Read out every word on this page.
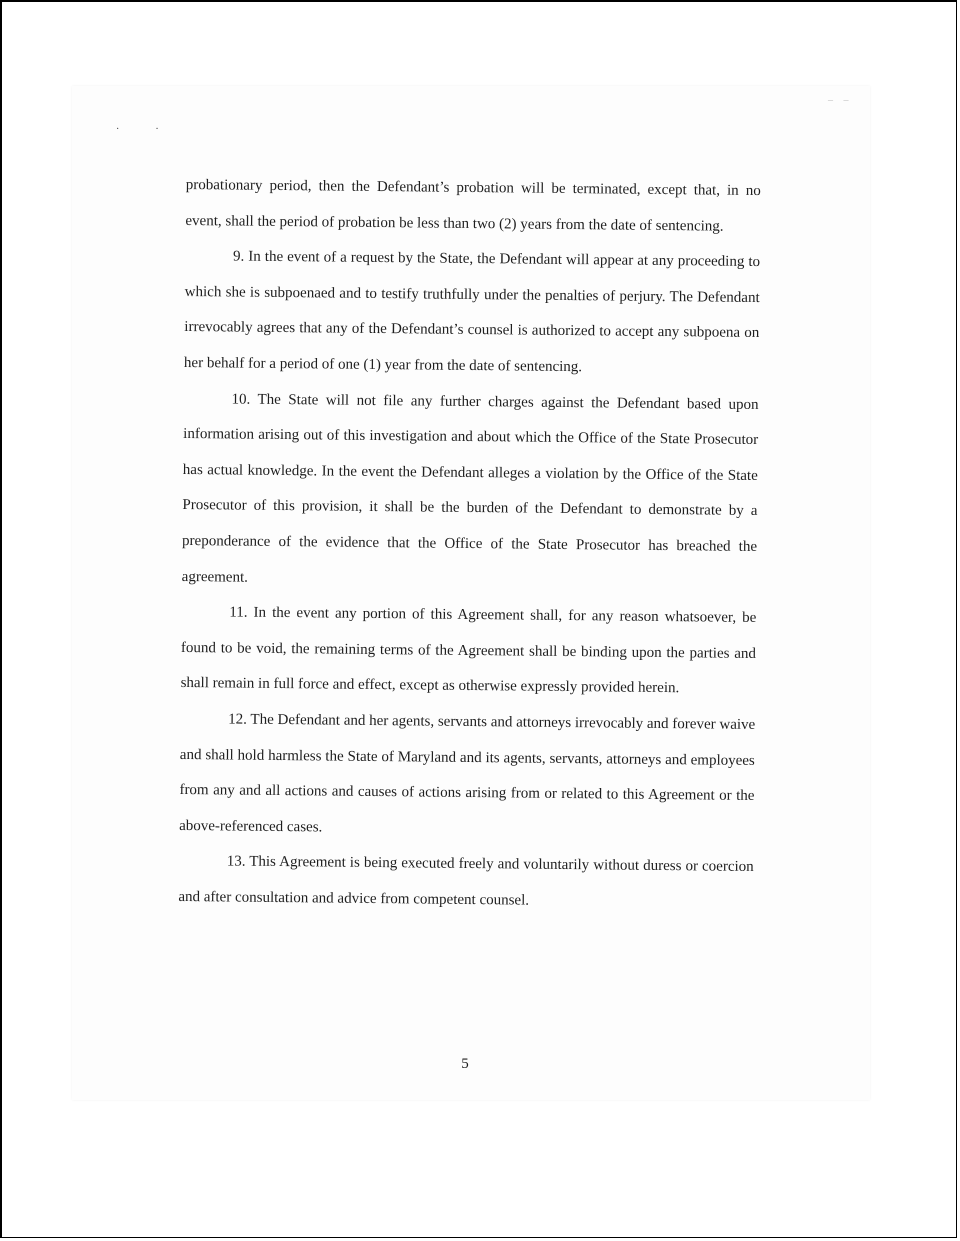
·	·
– –

probationary period, then the Defendant’s probation will be terminated, except that, in no event, shall the period of probation be less than two (2) years from the date of sentencing.

9. In the event of a request by the State, the Defendant will appear at any proceeding to which she is subpoenaed and to testify truthfully under the penalties of perjury. The Defendant irrevocably agrees that any of the Defendant’s counsel is authorized to accept any subpoena on her behalf for a period of one (1) year from the date of sentencing.

10. The State will not file any further charges against the Defendant based upon information arising out of this investigation and about which the Office of the State Prosecutor has actual knowledge. In the event the Defendant alleges a violation by the Office of the State Prosecutor of this provision, it shall be the burden of the Defendant to demonstrate by a preponderance of the evidence that the Office of the State Prosecutor has breached the agreement.

11. In the event any portion of this Agreement shall, for any reason whatsoever, be found to be void, the remaining terms of the Agreement shall be binding upon the parties and shall remain in full force and effect, except as otherwise expressly provided herein.

12. The Defendant and her agents, servants and attorneys irrevocably and forever waive and shall hold harmless the State of Maryland and its agents, servants, attorneys and employees from any and all actions and causes of actions arising from or related to this Agreement or the above-referenced cases.

13. This Agreement is being executed freely and voluntarily without duress or coercion and after consultation and advice from competent counsel.

5
